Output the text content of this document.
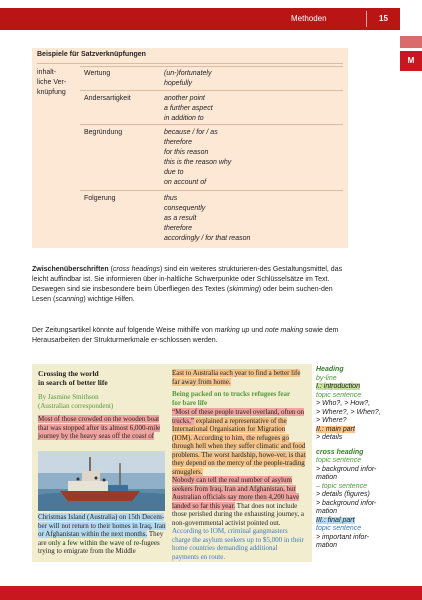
Methoden	15
M
Beispiele für Satzverknüpfungen
inhalt-
liche Ver-
knüpfung
Wertung	(un-)fortunately
hopefully
Andersartigkeit	another point
a further aspect
in addition to
Begründung	because / for / as
therefore
for this reason
this is the reason why
due to
on account of
Folgerung	thus
consequently
as a result
therefore
accordingly / for that reason
Zwischenüberschriften (cross headings) sind ein weiteres strukturieren-des Gestaltungsmittel, das leicht auffindbar ist. Sie informieren über in-haltliche Schwerpunkte oder Schlüsselsätze im Text. Deswegen sind sie insbesondere beim Überfliegen des Textes (skimming) oder beim suchen-den Lesen (scanning) wichtige Hilfen.
Der Zeitungsartikel könnte auf folgende Weise mithilfe von marking up und note making sowie dem Herausarbeiten der Strukturmerkmale er-schlossen werden.
Crossing the world
in search of better life
By Jasmine Smithson
(Australian correspondent)
Most of those crowded on the wooden boat that was stopped after its almost 6,000-mile journey by the heavy seas off the coast of
Christmas Island (Australia) on 15th Decem-ber will not return to their homes in Iraq, Iran or Afghanistan within the next months. They are only a few within the wave of re-fugees trying to emigrate from the Middle
East to Australia each year to find a better life far away from home.
Being packed on to trucks refugees fear
for bare life
“Most of these people travel overland, often on trucks,” explained a representative of the International Organisation for Migration (IOM). According to him, the refugees go through hell when they suffer climatic and food problems. The worst hardship, howe-ver, is that they depend on the mercy of the people-trading smugglers.
Nobody can tell the real number of asylum seekers from Iraq, Iran and Afghanistan, but Australian officials say more then 4,200 have landed so far this year. That does not include those perished during the exhausting journey, a non-governmental activist pointed out.
According to IOM, criminal gangmasters charge the asylum seekers up to $5,000 in their home countries demanding additional payments en route.
Heading
by-line
I.: introduction
topic sentence
> Who?, > How?,
> Where?, > When?,
> Where?
II.: main part
> details
cross heading
topic sentence
> background infor-
mation
– topic sentence
> details (figures)
> background infor-
mation
III.: final part
topic sentence
> important infor-
mation
